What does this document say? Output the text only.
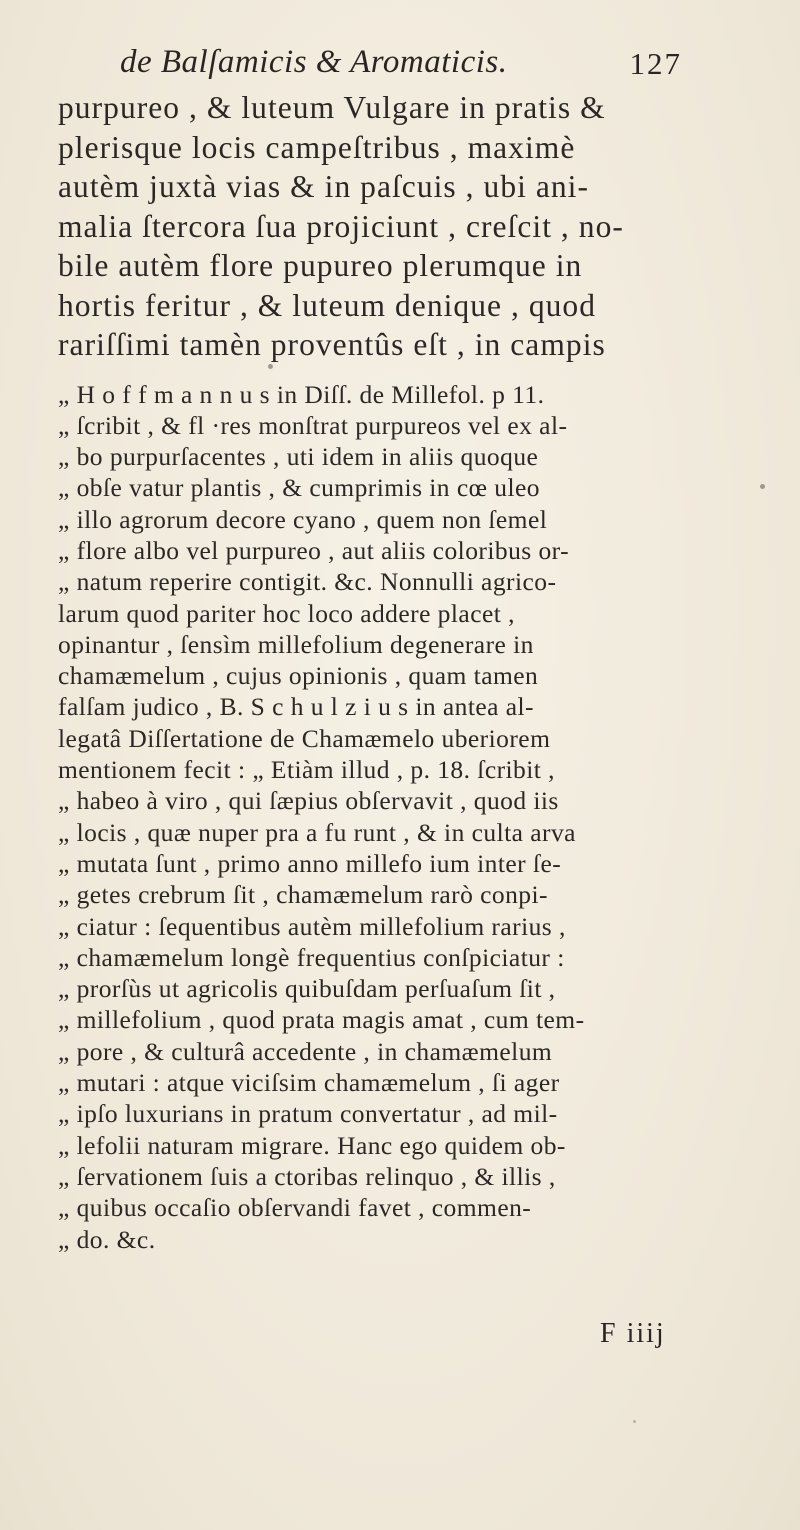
de Balſamicis & Aromaticis.	127
purpureo , & luteum Vulgare in pratis &
plerisque locis campeſtribus , maximè
autèm juxtà vias & in paſcuis , ubi ani-
malia ſtercora ſua projiciunt , creſcit , no-
bile autèm flore pupureo plerumque in
hortis feritur , & luteum denique , quod
rariſſimi tamèn proventûs eſt , in campis
„ H o f f m a n n u s in Diſſ. de Millefol. p 11.
„ ſcribit , & fl ·res monſtrat purpureos vel ex al-
„ bo purpurſacentes , uti idem in aliis quoque
„ obſe vatur plantis , & cumprimis in cœ uleo
„ illo agrorum decore cyano , quem non ſemel
„ flore albo vel purpureo , aut aliis coloribus or-
„ natum reperire contigit. &c. Nonnulli agrico-
larum quod pariter hoc loco addere placet ,
opinantur , ſensìm millefolium degenerare in
chamæmelum , cujus opinionis , quam tamen
falſam judico , B. S c h u l z i u s in antea al-
legatâ Diſſertatione de Chamæmelo uberiorem
mentionem fecit : „ Etiàm illud , p. 18. ſcribit ,
„ habeo à viro , qui ſæpius obſervavit , quod iis
„ locis , quæ nuper pra a fu runt , & in culta arva
„ mutata ſunt , primo anno millefo ium inter ſe-
„ getes crebrum ſit , chamæmelum rarò conpi-
„ ciatur : ſequentibus autèm millefolium rarius ,
„ chamæmelum longè frequentius conſpiciatur :
„ prorſùs ut agricolis quibuſdam perſuaſum ſit ,
„ millefolium , quod prata magis amat , cum tem-
„ pore , & culturâ accedente , in chamæmelum
„ mutari : atque viciſsim chamæmelum , ſi ager
„ ipſo luxurians in pratum convertatur , ad mil-
„ lefolii naturam migrare. Hanc ego quidem ob-
„ ſervationem ſuis a ctoribas relinquo , & illis ,
„ quibus occaſio obſervandi favet , commen-
„ do. &c.
F iiij
